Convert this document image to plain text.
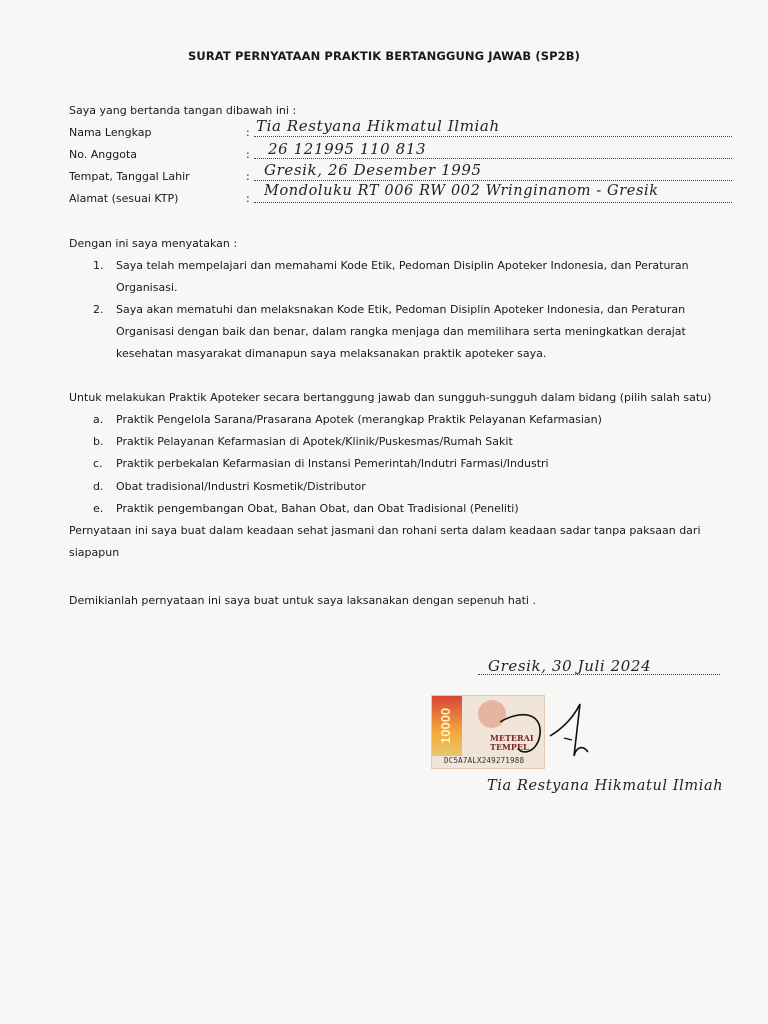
SURAT PERNYATAAN PRAKTIK BERTANGGUNG JAWAB (SP2B)
Saya yang bertanda tangan dibawah ini :
Nama Lengkap	: Tia Restyana Hikmatul Ilmiah
No. Anggota	: 26 121995 110 813
Tempat, Tanggal Lahir	: Gresik, 26 Desember 1995
Alamat (sesuai KTP)	: Mondoluku RT 006 RW 002 Wringinanom - Gresik
Dengan ini saya menyatakan :
1. Saya telah mempelajari dan memahami Kode Etik, Pedoman Disiplin Apoteker Indonesia, dan Peraturan
Organisasi.
2. Saya akan mematuhi dan melaksnakan Kode Etik, Pedoman Disiplin Apoteker Indonesia, dan Peraturan
Organisasi dengan baik dan benar, dalam rangka menjaga dan memilihara serta meningkatkan derajat
kesehatan masyarakat dimanapun saya melaksanakan praktik apoteker saya.
Untuk melakukan Praktik Apoteker secara bertanggung jawab dan sungguh-sungguh dalam bidang (pilih salah satu)
a. Praktik Pengelola Sarana/Prasarana Apotek (merangkap Praktik Pelayanan Kefarmasian)
b. Praktik Pelayanan Kefarmasian di Apotek/Klinik/Puskesmas/Rumah Sakit
c. Praktik perbekalan Kefarmasian di Instansi Pemerintah/Indutri Farmasi/Industri
d. Obat tradisional/Industri Kosmetik/Distributor
e. Praktik pengembangan Obat, Bahan Obat, dan Obat Tradisional (Peneliti)
Pernyataan ini saya buat dalam keadaan sehat jasmani dan rohani serta dalam keadaan sadar tanpa paksaan dari
siapapun
Demikianlah pernyataan ini saya buat untuk saya laksanakan dengan sepenuh hati .
Gresik, 30 Juli 2024
10000	METERAI
TEMPEL
DC5A7ALX249271988
Tia Restyana Hikmatul Ilmiah
